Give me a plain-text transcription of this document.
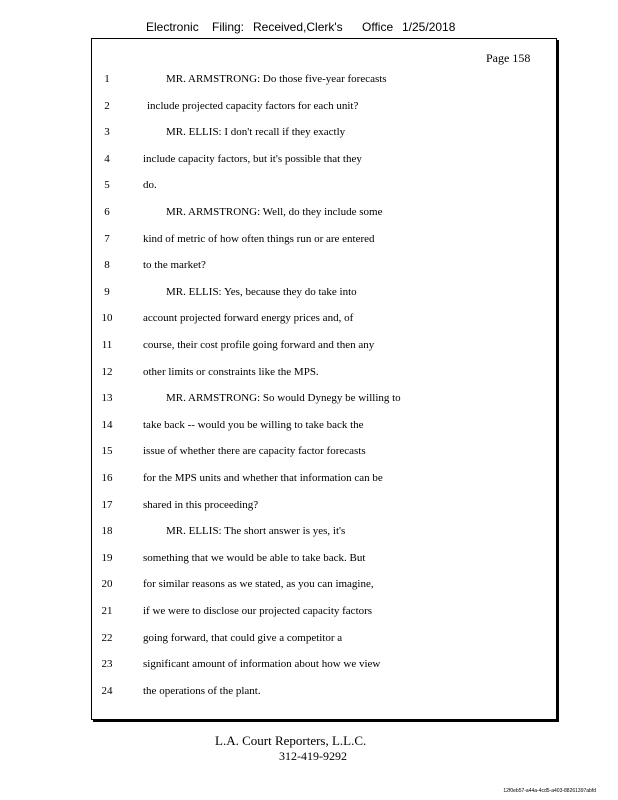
Electronic Filing: Received,Clerk's Office 1/25/2018
Page 158
1	MR. ARMSTRONG: Do those five-year forecasts
2	include projected capacity factors for each unit?
3	MR. ELLIS: I don't recall if they exactly
4	include capacity factors, but it's possible that they
5	do.
6	MR. ARMSTRONG: Well, do they include some
7	kind of metric of how often things run or are entered
8	to the market?
9	MR. ELLIS: Yes, because they do take into
10	account projected forward energy prices and, of
11	course, their cost profile going forward and then any
12	other limits or constraints like the MPS.
13	MR. ARMSTRONG: So would Dynegy be willing to
14	take back -- would you be willing to take back the
15	issue of whether there are capacity factor forecasts
16	for the MPS units and whether that information can be
17	shared in this proceeding?
18	MR. ELLIS: The short answer is yes, it's
19	something that we would be able to take back. But
20	for similar reasons as we stated, as you can imagine,
21	if we were to disclose our projected capacity factors
22	going forward, that could give a competitor a
23	significant amount of information about how we view
24	the operations of the plant.
L.A. Court Reporters, L.L.C.
312-419-9292
12f0eb57-a44a-4cd5-a403-88261397abfd
